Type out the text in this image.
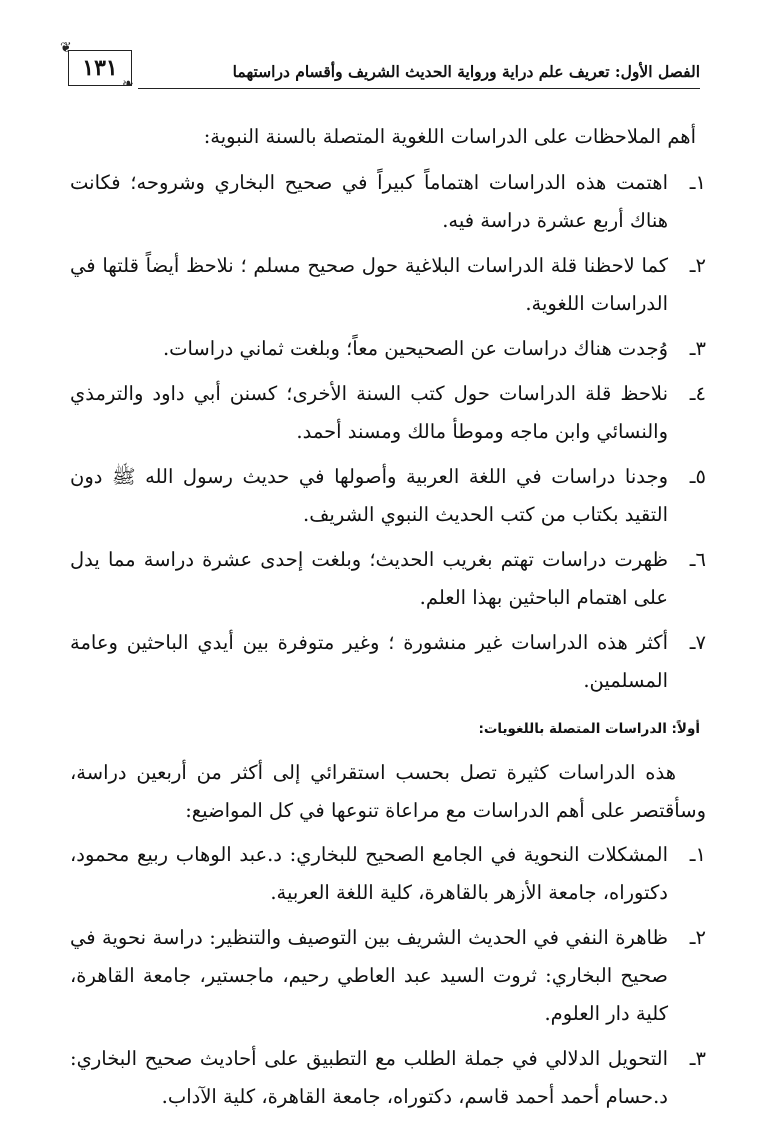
❦
١٣١
❧
الفصل الأول: تعريف علم دراية ورواية الحديث الشريف وأقسام دراستهما
أهم الملاحظات على الدراسات اللغوية المتصلة بالسنة النبوية:
١ـ
اهتمت هذه الدراسات اهتماماً كبيراً في صحيح البخاري وشروحه؛ فكانت هناك أربع عشرة دراسة فيه.
٢ـ
كما لاحظنا قلة الدراسات البلاغية حول صحيح مسلم ؛ نلاحظ أيضاً قلتها في الدراسات اللغوية.
٣ـ
وُجدت هناك دراسات عن الصحيحين معاً؛ وبلغت ثماني دراسات.
٤ـ
نلاحظ قلة الدراسات حول كتب السنة الأخرى؛ كسنن أبي داود والترمذي والنسائي وابن ماجه وموطأ مالك ومسند أحمد.
٥ـ
وجدنا دراسات في اللغة العربية وأصولها في حديث رسول الله ﷺ دون التقيد بكتاب من كتب الحديث النبوي الشريف.
٦ـ
ظهرت دراسات تهتم بغريب الحديث؛ وبلغت إحدى عشرة دراسة مما يدل على اهتمام الباحثين بهذا العلم.
٧ـ
أكثر هذه الدراسات غير منشورة ؛ وغير متوفرة بين أيدي الباحثين وعامة المسلمين.
أولاً: الدراسات المتصلة باللغويات:
هذه الدراسات كثيرة تصل بحسب استقرائي إلى أكثر من أربعين دراسة، وسأقتصر على أهم الدراسات مع مراعاة تنوعها في كل المواضيع:
١ـ
المشكلات النحوية في الجامع الصحيح للبخاري: د.عبد الوهاب ربيع محمود، دكتوراه، جامعة الأزهر بالقاهرة، كلية اللغة العربية.
٢ـ
ظاهرة النفي في الحديث الشريف بين التوصيف والتنظير: دراسة نحوية في صحيح البخاري: ثروت السيد عبد العاطي رحيم، ماجستير، جامعة القاهرة، كلية دار العلوم.
٣ـ
التحويل الدلالي في جملة الطلب مع التطبيق على أحاديث صحيح البخاري: د.حسام أحمد أحمد قاسم، دكتوراه، جامعة القاهرة، كلية الآداب.
